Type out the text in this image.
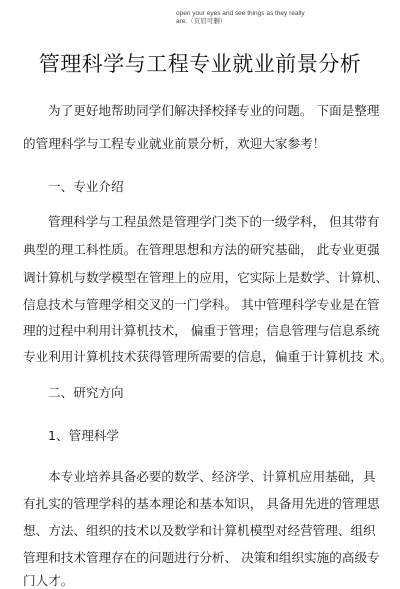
open your eyes and see things as they really
are.（页眉可删）
管理科学与工程专业就业前景分析
为了更好地帮助同学们解决择校择专业的问题。 下面是整理
的管理科学与工程专业就业前景分析，欢迎大家参考！
一、专业介绍
管理科学与工程虽然是管理学门类下的一级学科， 但其带有
典型的理工科性质。在管理思想和方法的研究基础， 此专业更强
调计算机与数学模型在管理上的应用，它实际上是数学、计算机、
信息技术与管理学相交叉的一门学科。 其中管理科学专业是在管
理的过程中利用计算机技术， 偏重于管理；信息管理与信息系统
专业利用计算机技术获得管理所需要的信息，偏重于计算机技 术。
二、研究方向
1、管理科学
本专业培养具备必要的数学、经济学、计算机应用基础，具
有扎实的管理学科的基本理论和基本知识， 具备用先进的管理思
想、方法、组织的技术以及数学和计算机模型对经营管理、组织
管理和技术管理存在的问题进行分析、 决策和组织实施的高级专
门人才。
